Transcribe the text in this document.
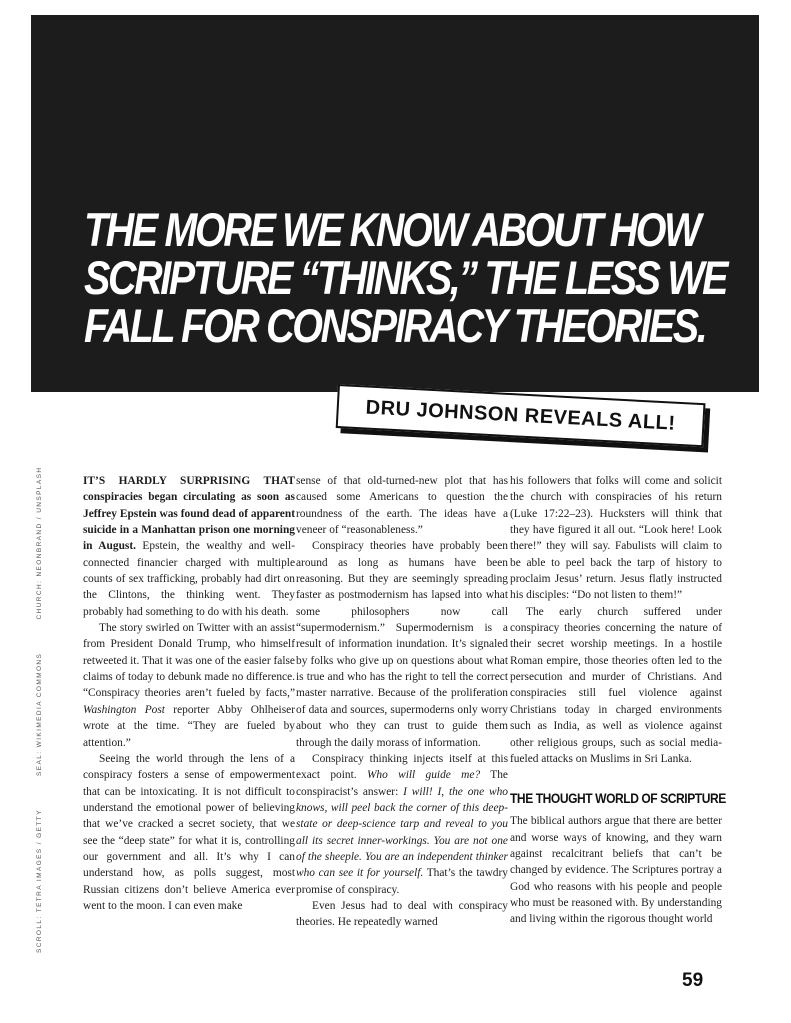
THE MORE WE KNOW ABOUT HOW
SCRIPTURE “THINKS,” THE LESS WE
FALL FOR CONSPIRACY THEORIES.
DRU JOHNSON REVEALS ALL!
SCROLL: TETRA IMAGES / GETTY SEAL: WIKIMEDIA COMMONS CHURCH: NEONBRAND / UNSPLASH	IT’S HARDLY SURPRISING THAT conspiracies began circulating as soon as Jeffrey Epstein was found dead of apparent suicide in a Manhattan prison one morning in August. Epstein, the wealthy and well-connected financier charged with multiple counts of sex trafficking, probably had dirt on the Clintons, the thinking went. They probably had something to do with his death.

The story swirled on Twitter with an assist from President Donald Trump, who himself retweeted it. That it was one of the easier false claims of today to debunk made no difference. “Conspiracy theories aren’t fueled by facts,” Washington Post reporter Abby Ohlheiser wrote at the time. “They are fueled by attention.”

Seeing the world through the lens of a conspiracy fosters a sense of empowerment that can be intoxicating. It is not difficult to understand the emotional power of believing that we’ve cracked a secret society, that we see the “deep state” for what it is, controlling our government and all. It’s why I can understand how, as polls suggest, most Russian citizens don’t believe America ever went to the moon. I can even make

sense of that old-turned-new plot that has caused some Americans to question the roundness of the earth. The ideas have a veneer of “reasonableness.”

Conspiracy theories have probably been around as long as humans have been reasoning. But they are seemingly spreading faster as postmodernism has lapsed into what some philosophers now call “supermodernism.” Supermodernism is a result of information inundation. It’s signaled by folks who give up on questions about what is true and who has the right to tell the correct master narrative. Because of the proliferation of data and sources, supermoderns only worry about who they can trust to guide them through the daily morass of information.

Conspiracy thinking injects itself at this exact point. Who will guide me? The conspiracist’s answer: I will! I, the one who knows, will peel back the corner of this deep-state or deep-science tarp and reveal to you all its secret inner-workings. You are not one of the sheeple. You are an independent thinker who can see it for yourself. That’s the tawdry promise of conspiracy.

Even Jesus had to deal with conspiracy theories. He repeatedly warned

his followers that folks will come and solicit the church with conspiracies of his return (Luke 17:22–23). Hucksters will think that they have figured it all out. “Look here! Look there!” they will say. Fabulists will claim to be able to peel back the tarp of history to proclaim Jesus’ return. Jesus flatly instructed his disciples: “Do not listen to them!”

The early church suffered under conspiracy theories concerning the nature of their secret worship meetings. In a hostile Roman empire, those theories often led to the persecution and murder of Christians. And conspiracies still fuel violence against Christians today in charged environments such as India, as well as violence against other religious groups, such as social media-fueled attacks on Muslims in Sri Lanka.

THE THOUGHT WORLD OF SCRIPTURE

The biblical authors argue that there are better and worse ways of knowing, and they warn against recalcitrant beliefs that can’t be changed by evidence. The Scriptures portray a God who reasons with his people and people who must be reasoned with. By understanding and living within the rigorous thought world

59
